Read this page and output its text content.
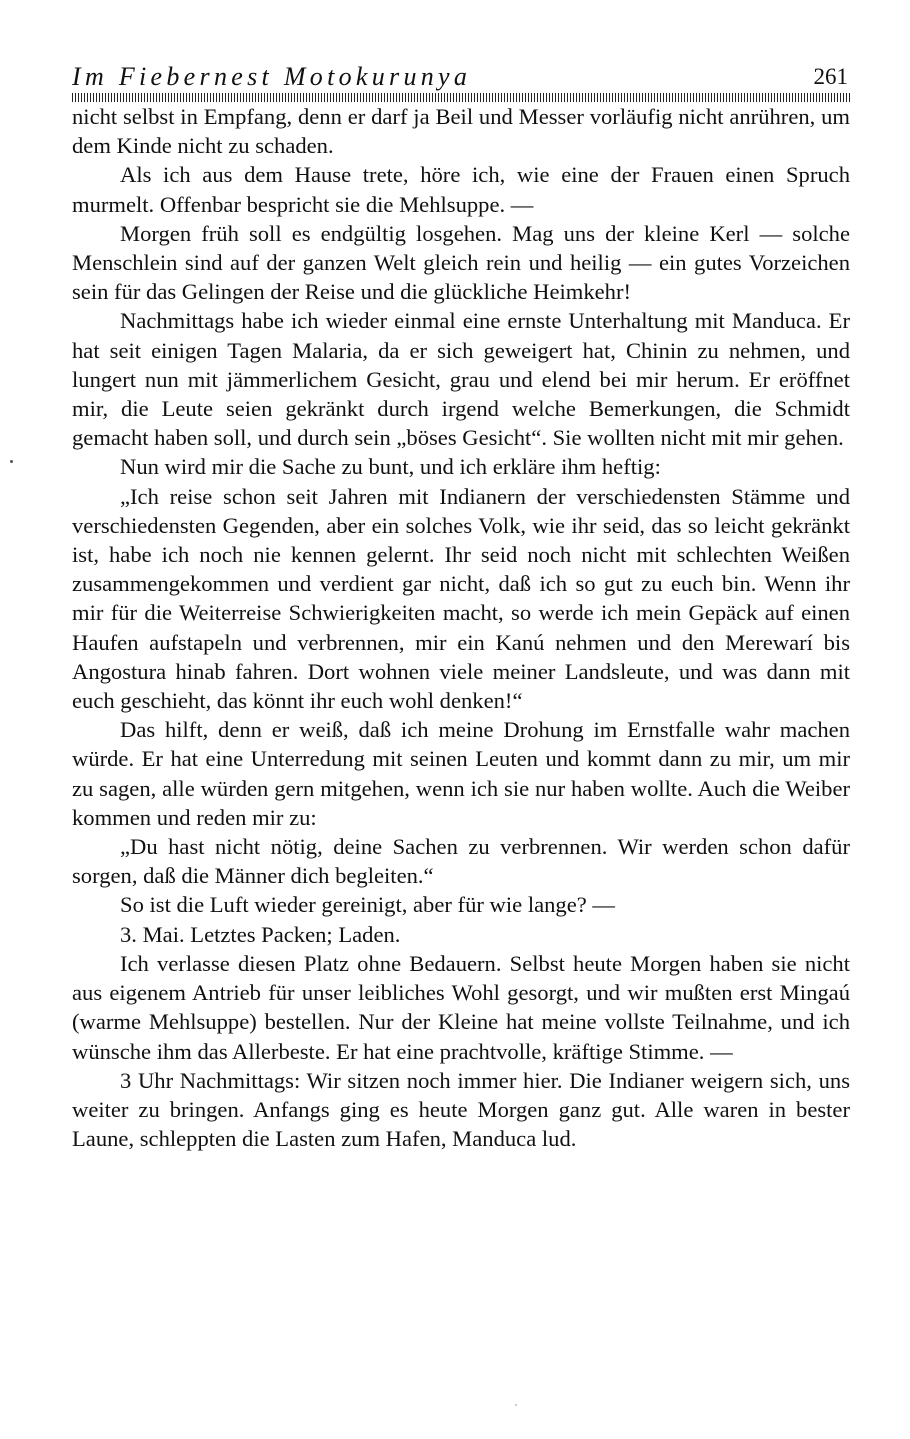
Im Fiebernest Motokurunya	261

nicht selbst in Empfang, denn er darf ja Beil und Messer vorläufig nicht anrühren, um dem Kinde nicht zu schaden.

Als ich aus dem Hause trete, höre ich, wie eine der Frauen einen Spruch murmelt. Offenbar bespricht sie die Mehlsuppe. —

Morgen früh soll es endgültig losgehen. Mag uns der kleine Kerl — solche Menschlein sind auf der ganzen Welt gleich rein und heilig — ein gutes Vorzeichen sein für das Gelingen der Reise und die glückliche Heimkehr!

Nachmittags habe ich wieder einmal eine ernste Unterhaltung mit Manduca. Er hat seit einigen Tagen Malaria, da er sich geweigert hat, Chinin zu nehmen, und lungert nun mit jämmerlichem Gesicht, grau und elend bei mir herum. Er eröffnet mir, die Leute seien gekränkt durch irgend welche Bemerkungen, die Schmidt gemacht haben soll, und durch sein „böses Gesicht“. Sie wollten nicht mit mir gehen.

Nun wird mir die Sache zu bunt, und ich erkläre ihm heftig:

„Ich reise schon seit Jahren mit Indianern der verschiedensten Stämme und verschiedensten Gegenden, aber ein solches Volk, wie ihr seid, das so leicht gekränkt ist, habe ich noch nie kennen gelernt. Ihr seid noch nicht mit schlechten Weißen zusammengekommen und verdient gar nicht, daß ich so gut zu euch bin. Wenn ihr mir für die Weiterreise Schwierigkeiten macht, so werde ich mein Gepäck auf einen Haufen aufstapeln und verbrennen, mir ein Kanú nehmen und den Merewarí bis Angostura hinab fahren. Dort wohnen viele meiner Landsleute, und was dann mit euch geschieht, das könnt ihr euch wohl denken!“

Das hilft, denn er weiß, daß ich meine Drohung im Ernstfalle wahr machen würde. Er hat eine Unterredung mit seinen Leuten und kommt dann zu mir, um mir zu sagen, alle würden gern mitgehen, wenn ich sie nur haben wollte. Auch die Weiber kommen und reden mir zu:

„Du hast nicht nötig, deine Sachen zu verbrennen. Wir werden schon dafür sorgen, daß die Männer dich begleiten.“

So ist die Luft wieder gereinigt, aber für wie lange? —

3. Mai. Letztes Packen; Laden.

Ich verlasse diesen Platz ohne Bedauern. Selbst heute Morgen haben sie nicht aus eigenem Antrieb für unser leibliches Wohl gesorgt, und wir mußten erst Mingaú (warme Mehlsuppe) bestellen. Nur der Kleine hat meine vollste Teilnahme, und ich wünsche ihm das Allerbeste. Er hat eine prachtvolle, kräftige Stimme. —

3 Uhr Nachmittags: Wir sitzen noch immer hier. Die Indianer weigern sich, uns weiter zu bringen. Anfangs ging es heute Morgen ganz gut. Alle waren in bester Laune, schleppten die Lasten zum Hafen, Manduca lud.
